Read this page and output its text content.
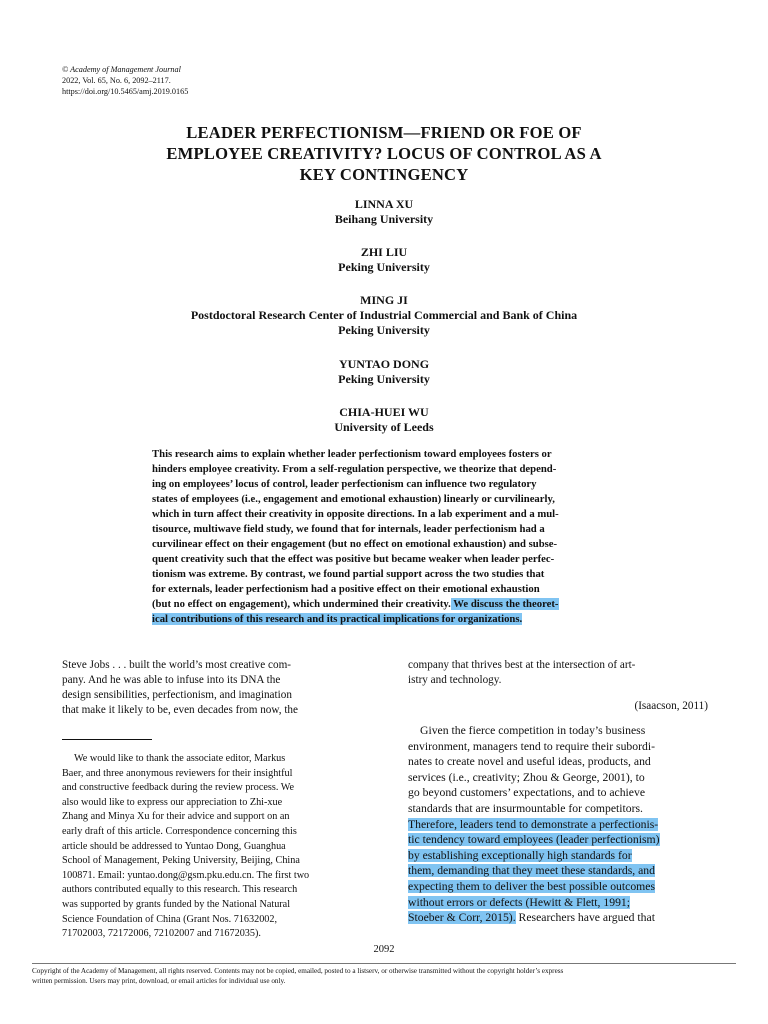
© Academy of Management Journal
2022, Vol. 65, No. 6, 2092–2117.
https://doi.org/10.5465/amj.2019.0165
LEADER PERFECTIONISM—FRIEND OR FOE OF
EMPLOYEE CREATIVITY? LOCUS OF CONTROL AS A
KEY CONTINGENCY
LINNA XU
Beihang University
ZHI LIU
Peking University
MING JI
Postdoctoral Research Center of Industrial Commercial and Bank of China
Peking University
YUNTAO DONG
Peking University
CHIA-HUEI WU
University of Leeds
This research aims to explain whether leader perfectionism toward employees fosters or
hinders employee creativity. From a self-regulation perspective, we theorize that depend-
ing on employees’ locus of control, leader perfectionism can influence two regulatory
states of employees (i.e., engagement and emotional exhaustion) linearly or curvilinearly,
which in turn affect their creativity in opposite directions. In a lab experiment and a mul-
tisource, multiwave field study, we found that for internals, leader perfectionism had a
curvilinear effect on their engagement (but no effect on emotional exhaustion) and subse-
quent creativity such that the effect was positive but became weaker when leader perfec-
tionism was extreme. By contrast, we found partial support across the two studies that
for externals, leader perfectionism had a positive effect on their emotional exhaustion
(but no effect on engagement), which undermined their creativity. We discuss the theoret-
ical contributions of this research and its practical implications for organizations.
Steve Jobs . . . built the world’s most creative com-
pany. And he was able to infuse into its DNA the
design sensibilities, perfectionism, and imagination
that make it likely to be, even decades from now, the
company that thrives best at the intersection of art-
istry and technology.
(Isaacson, 2011)
We would like to thank the associate editor, Markus
Baer, and three anonymous reviewers for their insightful
and constructive feedback during the review process. We
also would like to express our appreciation to Zhi-xue
Zhang and Minya Xu for their advice and support on an
early draft of this article. Correspondence concerning this
article should be addressed to Yuntao Dong, Guanghua
School of Management, Peking University, Beijing, China
100871. Email: yuntao.dong@gsm.pku.edu.cn. The first two
authors contributed equally to this research. This research
was supported by grants funded by the National Natural
Science Foundation of China (Grant Nos. 71632002,
71702003, 72172006, 72102007 and 71672035).
Given the fierce competition in today’s business
environment, managers tend to require their subordi-
nates to create novel and useful ideas, products, and
services (i.e., creativity; Zhou & George, 2001), to
go beyond customers’ expectations, and to achieve
standards that are insurmountable for competitors.
Therefore, leaders tend to demonstrate a perfectionis-
tic tendency toward employees (leader perfectionism)
by establishing exceptionally high standards for
them, demanding that they meet these standards, and
expecting them to deliver the best possible outcomes
without errors or defects (Hewitt & Flett, 1991;
Stoeber & Corr, 2015). Researchers have argued that
2092
Copyright of the Academy of Management, all rights reserved. Contents may not be copied, emailed, posted to a listserv, or otherwise transmitted without the copyright holder’s express
written permission. Users may print, download, or email articles for individual use only.
